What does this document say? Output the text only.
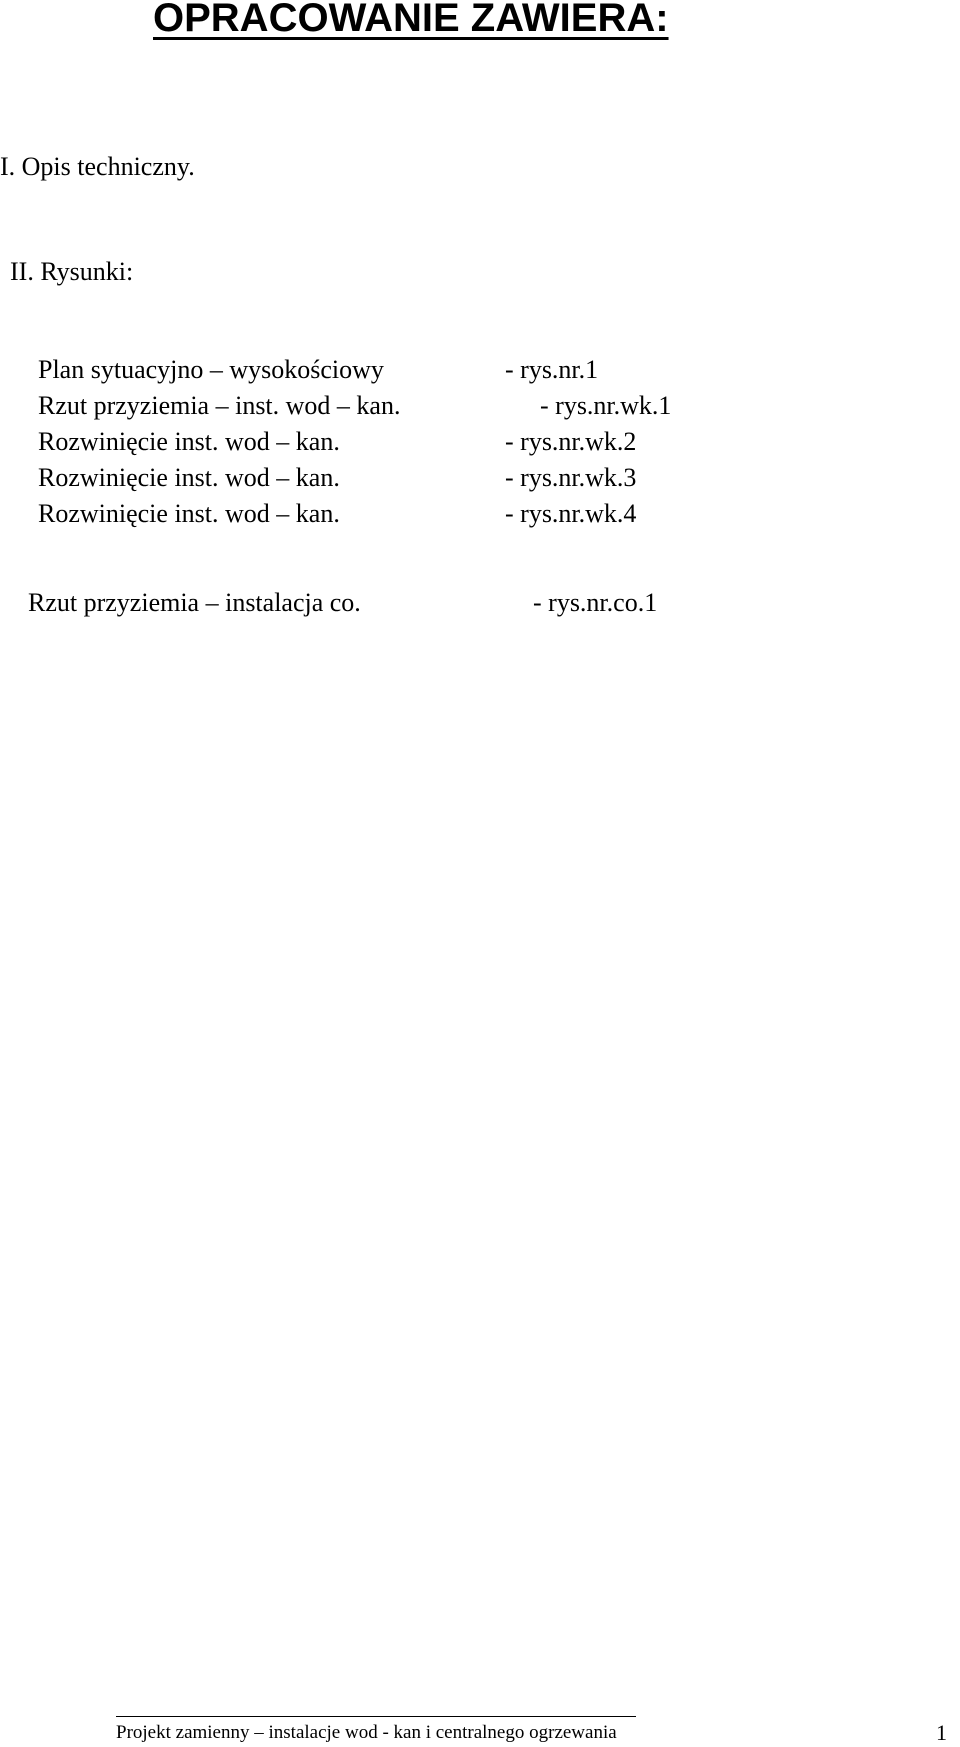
OPRACOWANIE ZAWIERA:
I. Opis techniczny.
II. Rysunki:
Plan sytuacyjno – wysokościowy	- rys.nr.1
Rzut przyziemia – inst. wod – kan.	- rys.nr.wk.1
Rozwinięcie inst. wod – kan.	- rys.nr.wk.2
Rozwinięcie inst. wod – kan.	- rys.nr.wk.3
Rozwinięcie inst. wod – kan.	- rys.nr.wk.4
Rzut przyziemia – instalacja co.	- rys.nr.co.1
Projekt zamienny – instalacje wod - kan i centralnego ogrzewania	1
